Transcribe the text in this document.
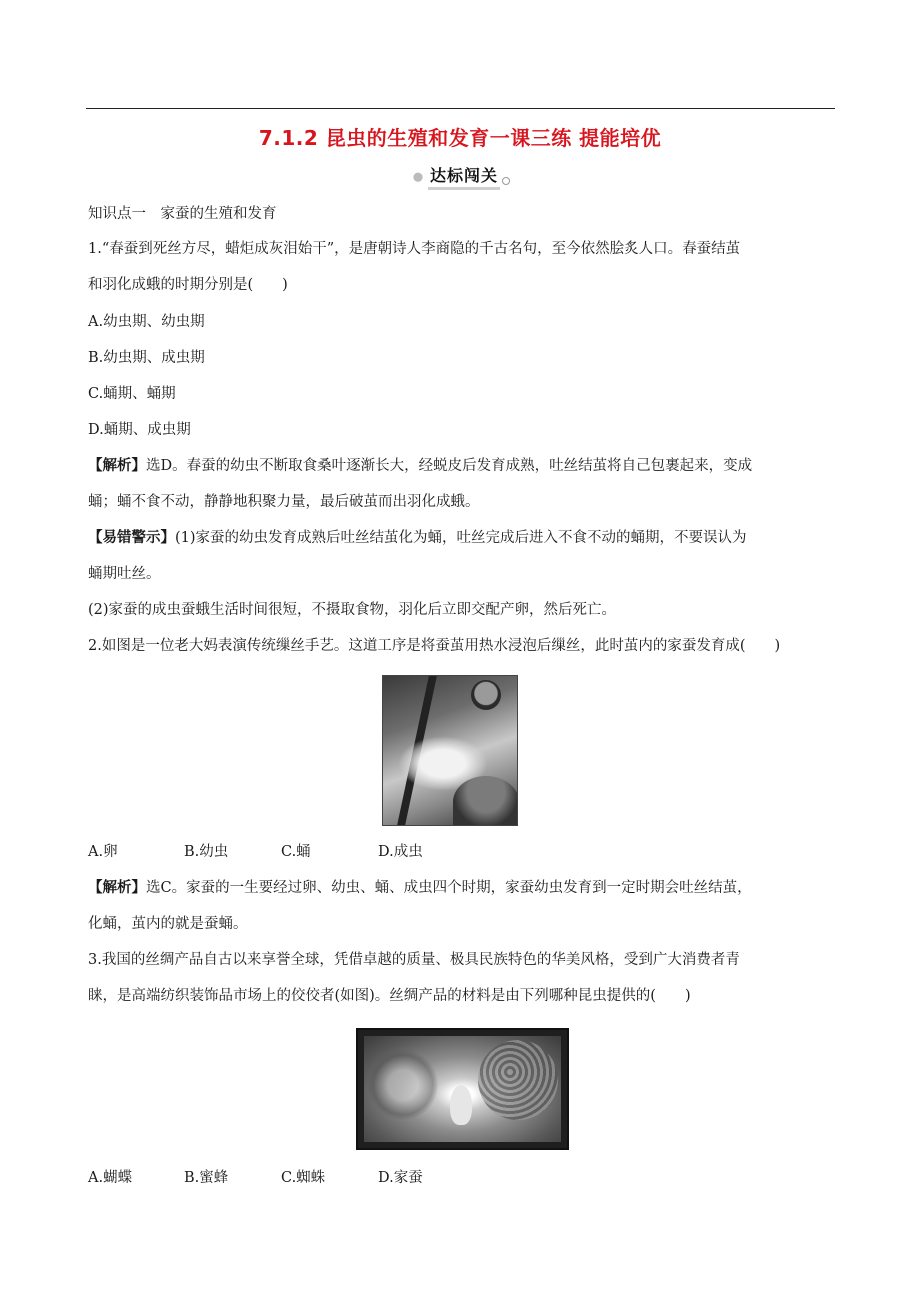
7.1.2 昆虫的生殖和发育一课三练 提能培优
达标闯关
知识点一　家蚕的生殖和发育
1.“春蚕到死丝方尽，蜡炬成灰泪始干”，是唐朝诗人李商隐的千古名句，至今依然脍炙人口。春蚕结茧
和羽化成蛾的时期分别是(　　)
A.幼虫期、幼虫期
B.幼虫期、成虫期
C.蛹期、蛹期
D.蛹期、成虫期
【解析】选D。春蚕的幼虫不断取食桑叶逐渐长大，经蜕皮后发育成熟，吐丝结茧将自己包裹起来，变成
蛹；蛹不食不动，静静地积聚力量，最后破茧而出羽化成蛾。
【易错警示】(1)家蚕的幼虫发育成熟后吐丝结茧化为蛹，吐丝完成后进入不食不动的蛹期，不要误认为
蛹期吐丝。
(2)家蚕的成虫蚕蛾生活时间很短，不摄取食物，羽化后立即交配产卵，然后死亡。
2.如图是一位老大妈表演传统缫丝手艺。这道工序是将蚕茧用热水浸泡后缫丝，此时茧内的家蚕发育成(　　)
A.卵	B.幼虫	C.蛹	D.成虫
【解析】选C。家蚕的一生要经过卵、幼虫、蛹、成虫四个时期，家蚕幼虫发育到一定时期会吐丝结茧，
化蛹，茧内的就是蚕蛹。
3.我国的丝绸产品自古以来享誉全球，凭借卓越的质量、极具民族特色的华美风格，受到广大消费者青
睐，是高端纺织装饰品市场上的佼佼者(如图)。丝绸产品的材料是由下列哪种昆虫提供的(　　)
A.蝴蝶	B.蜜蜂	C.蜘蛛	D.家蚕
